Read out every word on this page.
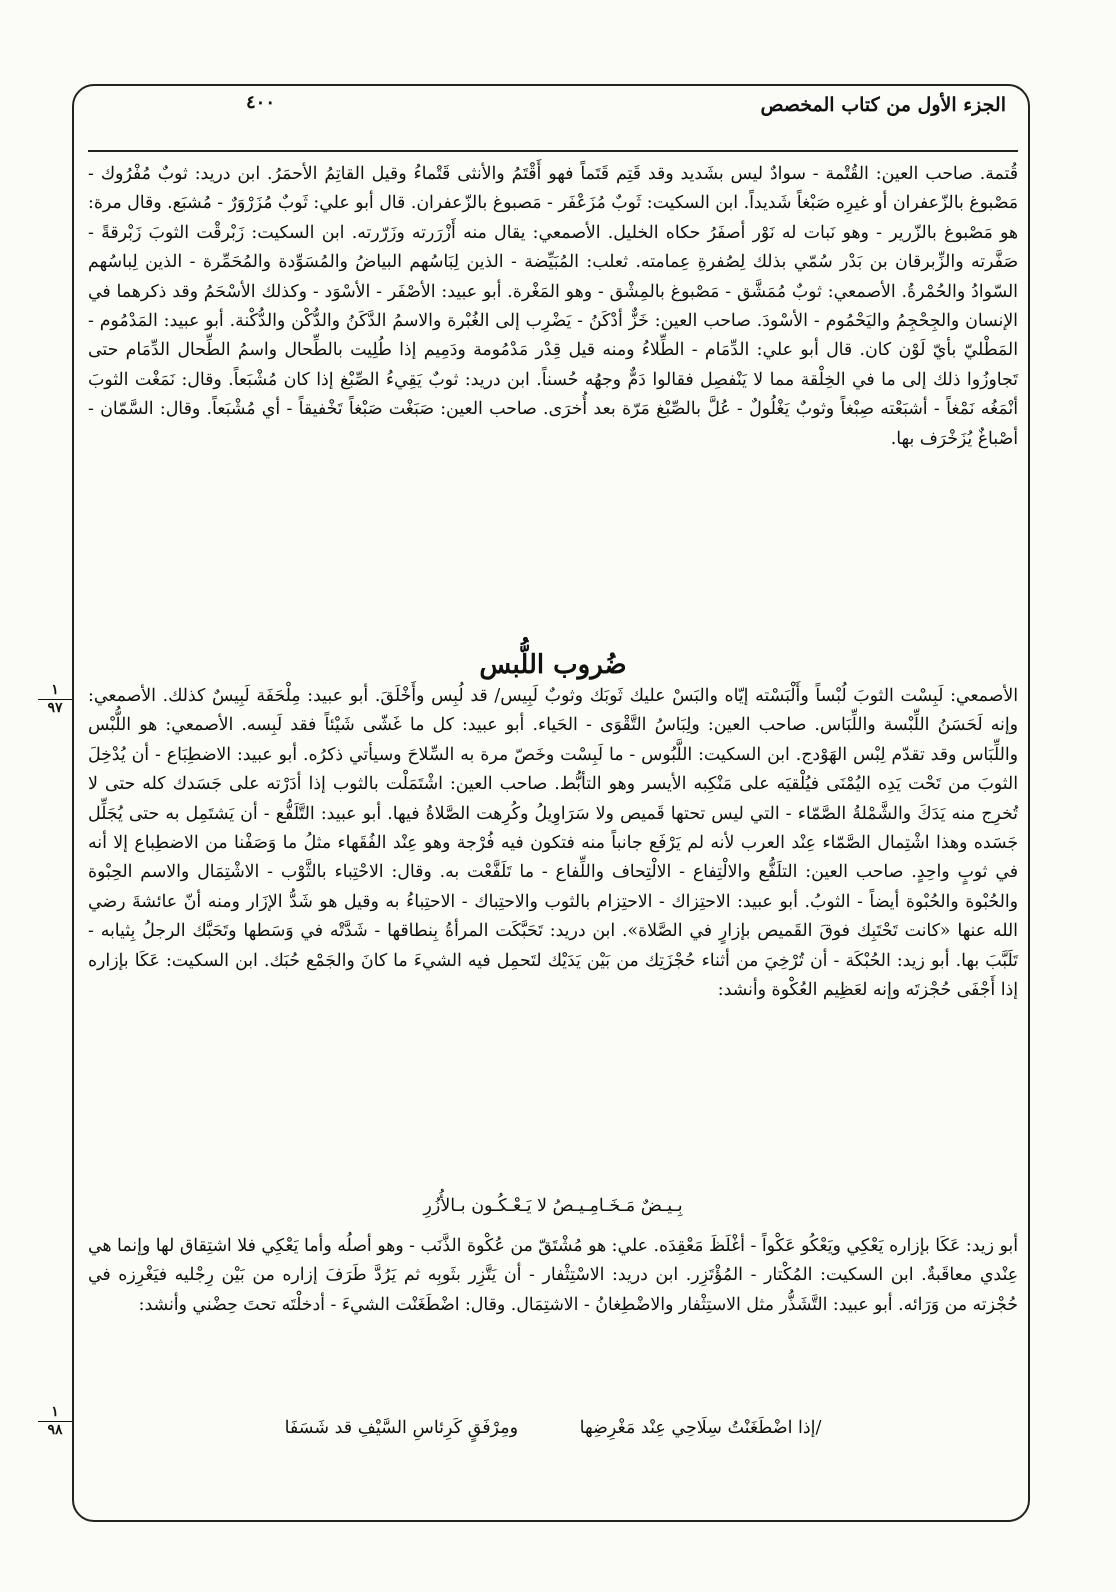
٤٠٠	الجزء الأول من كتاب المخصص

قُتمة. صاحب العين: القُتْمة - سوادٌ ليس بشَديد وقد قَتِم قَتَماً فهو أَقْتَمُ والأنثى قَتْماءُ وقيل القاتِمُ الأحمَرُ. ابن دريد: ثوبٌ مُفْرُوك - مَصْبوغ بالزّعفران أو غيرِه صَبْغاً شَديداً. ابن السكيت: ثَوبٌ مُزَعْفَر - مَصبوغ بالزّعفران. قال أبو علي: ثَوبٌ مُزَرْوَرٌ - مُشبَع. وقال مرة: هو مَصْبوغ بالزّرير - وهو نَبات له نَوْر أصفَرُ حكاه الخليل. الأصمعي: يقال منه أَزْرَرته وزَرّرته. ابن السكيت: زَبْرقْت الثوبَ زَبْرقةً - صَفَّرته والزِّبرقان بن بَدْر سُمّي بذلك لِصُفرةِ عِمامته. ثعلب: المُبَيِّضة - الذين لِبَاسُهم البياضُ والمُسَوِّدة والمُحَمِّرة - الذين لِباسُهم السّوادُ والحُمْرةُ. الأصمعي: ثوبٌ مُمَشَّق - مَصْبوغ بالمِشْق - وهو المَغْرة. أبو عبيد: الأصْفَر - الأسْوَد - وكذلك الأسْحَمُ وقد ذكرهما في الإنسان والجِحْجِمُ واليَحْمُوم - الأسْودَ. صاحب العين: خَزٌّ أدْكَنُ - يَضْرِب إلى الغُبْرة والاسمُ الدَّكَنُ والدُّكْن والدُّكْنة. أبو عبيد: المَدْمُوم - المَطْليّ بأيّ لَوْن كان. قال أبو علي: الدِّمَام - الطِّلاءُ ومنه قيل قِدْر مَدْمُومة ودَمِيم إذا طُلِيت بالطِّحال واسمُ الطِّحال الدِّمَام حتى تَجاوزُوا ذلك إلى ما في الخِلْقة مما لا يَنْفصِل فقالوا دَمٌّ وجهُه حُسناً. ابن دريد: ثوبٌ يَقِيءُ الصِّبْغ إذا كان مُشْبَعاً. وقال: نَمَغْت الثوبَ أنْمَغُه نَمْغاً - أشبَعْته صِبْغاً وثوبٌ يَغْلُولٌ - عُلَّ بالصِّبْغ مَرّة بعد أُخرَى. صاحب العين: صَبَغْت صَبْغاً تَخْفيقاً - أي مُشْبَعاً. وقال: السَّمّان - أصْباغٌ يُزَخْرَف بها.

ضُروب اللُّبس
١
٩٧

الأصمعي: لَبِسْت الثوبَ لُبْساً وأَلْبَسْته إيّاه والبَسْ عليك ثَوبَك وثوبٌ لَبِيس/ قد لُبِس وأَخْلَقَ. أبو عبيد: مِلْحَفَة لَبِيسٌ كذلك. الأصمعي: وإنه لَحَسَنُ اللِّبْسة واللِّبَاس. صاحب العين: ولِبَاسُ التَّقْوَى - الحَياء. أبو عبيد: كل ما غَشّى شَيْئاً فقد لَبِسه. الأصمعي: هو اللُّبْس واللِّبَاس وقد تقدّم لِبْس الهَوْدج. ابن السكيت: اللَّبُوس - ما لَبِسْت وخَصّ مرة به السِّلاحَ وسيأتي ذكرُه. أبو عبيد: الاضطِبَاع - أن يُدْخِلَ الثوبَ من تَحْت يَدِه اليُمْنَى فيُلْقيَه على مَنْكِبه الأيسر وهو التأبُّط. صاحب العين: اشْتَمَلْت بالثوب إذا أدَرْته على جَسَدك كله حتى لا تُخرِج منه يَدَكَ والشَّمْلةُ الصَّمّاء - التي ليس تحتها قَميص ولا سَرَاوِيلُ وكُرِهت الصَّلاةُ فيها. أبو عبيد: التَّلَفُّع - أن يَشتَمِل به حتى يُجَلِّل جَسَده وهذا اشْتِمال الصَّمّاء عِنْد العرب لأنه لم يَرْفَع جانباً منه فتكون فيه فُرْجة وهو عِنْد الفُقَهاء مثلُ ما وَصَفْنا من الاضطِباع إلا أنه في ثوبٍ واحِدٍ. صاحب العين: التلَفُّع والالْتِفاع - الالْتِحاف واللِّفاع - ما تَلَفَّعْت به. وقال: الاحْتِباء بالثَّوْب - الاشْتِمَال والاسم الحِبْوة والحُبْوة والحُبْوة أيضاً - الثوبُ. أبو عبيد: الاحتِزاك - الاحتِزام بالثوب والاحتِباك - الاحتِباءُ به وقيل هو شَدُّ الإزَار ومنه أنّ عائشةَ رضي الله عنها «كانت تَحْتَبِك فوقَ القَميص بإزارٍ في الصَّلاة». ابن دريد: تَحَبَّكَت المرأةُ بِنطاقها - شَدَّتْه في وَسَطها وتَحَبَّك الرجلُ بِثيابه - تَلَبَّبَ بها. أبو زيد: الحُبْكَة - أن تُرْخِيَ من أثناء حُجْزَتِك من بَيْن يَدَيْك لتَحمِل فيه الشيءَ ما كانَ والجَمْع حُبَك. ابن السكيت: عَكَا بإزاره إذا أَجْفَى حُجْزتَه وإنه لعَظِيم العُكْوة وأنشد:

بِـيـضٌ مَـخَـامِـيـصُ لا يَـعْـكُـون بـالأُزُرِ

أبو زيد: عَكَا بإزاره يَعْكِي ويَعْكُو عَكْواً - أغْلَظَ مَعْقِدَه. علي: هو مُشْتَقّ من عُكْوة الذَّنَب - وهو أصلُه وأما يَعْكِي فلا اشتِقاق لها وإنما هي عِنْدي معاقَبةٌ. ابن السكيت: المُكْتار - المُؤْتَزِر. ابن دريد: الاسْتِثْفار - أن يَتَّزِر بثَوبِه ثم يَرُدَّ طَرَفَ إزاره من بَيْن رِجْليه فيَغْرِزه في حُجْزته من وَرَائه. أبو عبيد: التَّشَذُّر مثل الاستِثْفار والاضْطِغانُ - الاشتِمَال. وقال: اضْطَغَنْت الشيءَ - أدخلْتَه تحتَ حِضْني وأنشد:

١
٩٨	/إذا اضْطَغَنْتُ سِلَاحِي عِنْد مَغْرِضِها ومِرْفَقٍ كَرِئاسِ السَّيْفِ قد شَسَفَا
